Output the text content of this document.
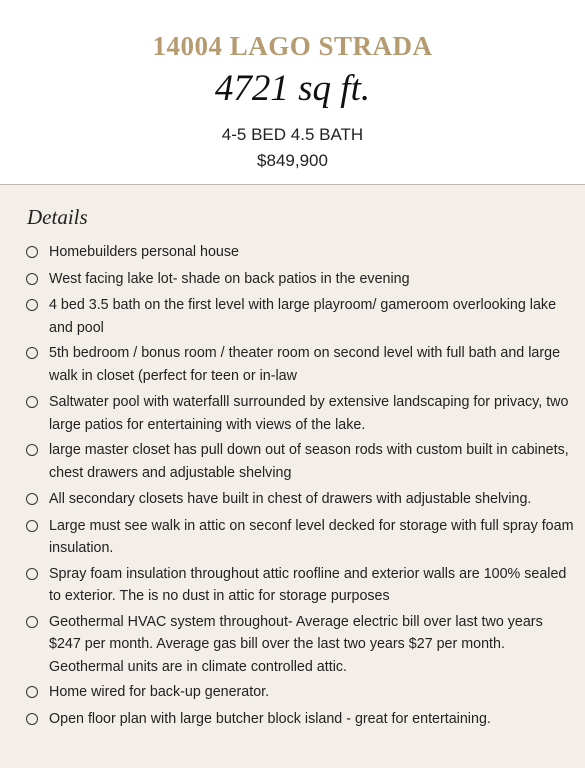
14004 LAGO STRADA
4721 sq ft.
4-5 BED 4.5 BATH
$849,900
Details
Homebuilders personal house
West facing lake lot- shade on back patios in the evening
4 bed 3.5 bath on the first level with large playroom/ gameroom overlooking lake and pool
5th bedroom / bonus room / theater room on second level with full bath and large walk in closet (perfect for teen or in-law
Saltwater pool with waterfalll surrounded by extensive landscaping for privacy, two large patios for entertaining with views of the lake.
large master closet has pull down out of season rods with custom built in cabinets, chest drawers and adjustable shelving
All secondary closets have built in chest of drawers with adjustable shelving.
Large must see walk in attic on seconf level decked for storage with full spray foam insulation.
Spray foam insulation throughout attic roofline and exterior walls are 100% sealed to exterior. The is no dust in attic for storage purposes
Geothermal HVAC system throughout- Average electric bill over last two years $247 per month. Average gas bill over the last two years $27 per month. Geothermal units are in climate controlled attic.
Home wired for back-up generator.
Open floor plan with large butcher block island - great for entertaining.
